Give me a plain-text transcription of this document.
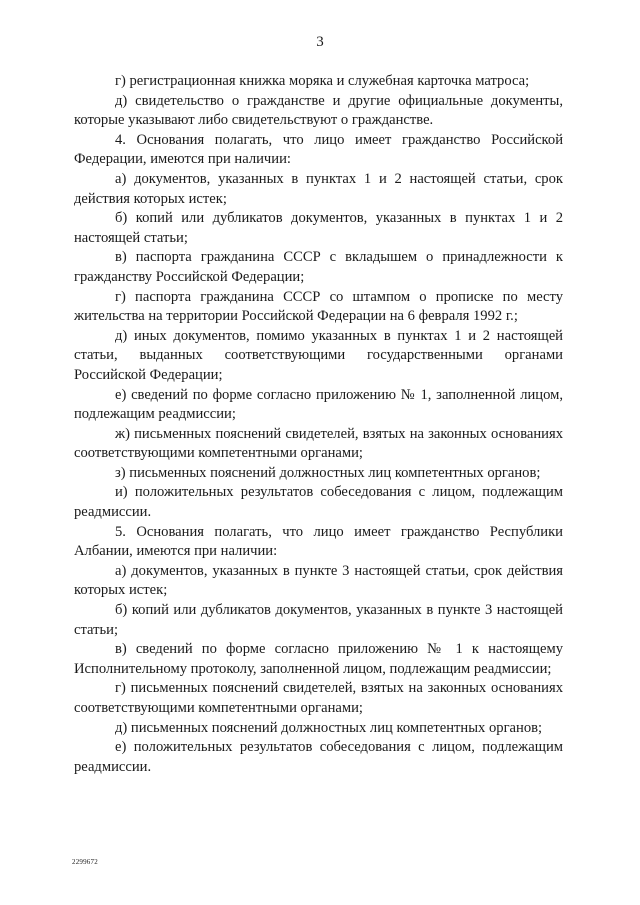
3

г) регистрационная книжка моряка и служебная карточка матроса;

д) свидетельство о гражданстве и другие официальные документы, которые указывают либо свидетельствуют о гражданстве.

4. Основания полагать, что лицо имеет гражданство Российской Федерации, имеются при наличии:

а) документов, указанных в пунктах 1 и 2 настоящей статьи, срок действия которых истек;

б) копий или дубликатов документов, указанных в пунктах 1 и 2 настоящей статьи;

в) паспорта гражданина СССР с вкладышем о принадлежности к гражданству Российской Федерации;

г) паспорта гражданина СССР со штампом о прописке по месту жительства на территории Российской Федерации на 6 февраля 1992 г.;

д) иных документов, помимо указанных в пунктах 1 и 2 настоящей статьи, выданных соответствующими государственными органами Российской Федерации;

е) сведений по форме согласно приложению № 1, заполненной лицом, подлежащим реадмиссии;

ж) письменных пояснений свидетелей, взятых на законных основаниях соответствующими компетентными органами;

з) письменных пояснений должностных лиц компетентных органов;

и) положительных результатов собеседования с лицом, подлежащим реадмиссии.

5. Основания полагать, что лицо имеет гражданство Республики Албании, имеются при наличии:

а) документов, указанных в пункте 3 настоящей статьи, срок действия которых истек;

б) копий или дубликатов документов, указанных в пункте 3 настоящей статьи;

в) сведений по форме согласно приложению № 1 к настоящему Исполнительному протоколу, заполненной лицом, подлежащим реадмиссии;

г) письменных пояснений свидетелей, взятых на законных основаниях соответствующими компетентными органами;

д) письменных пояснений должностных лиц компетентных органов;

е) положительных результатов собеседования с лицом, подлежащим реадмиссии.

2299672
